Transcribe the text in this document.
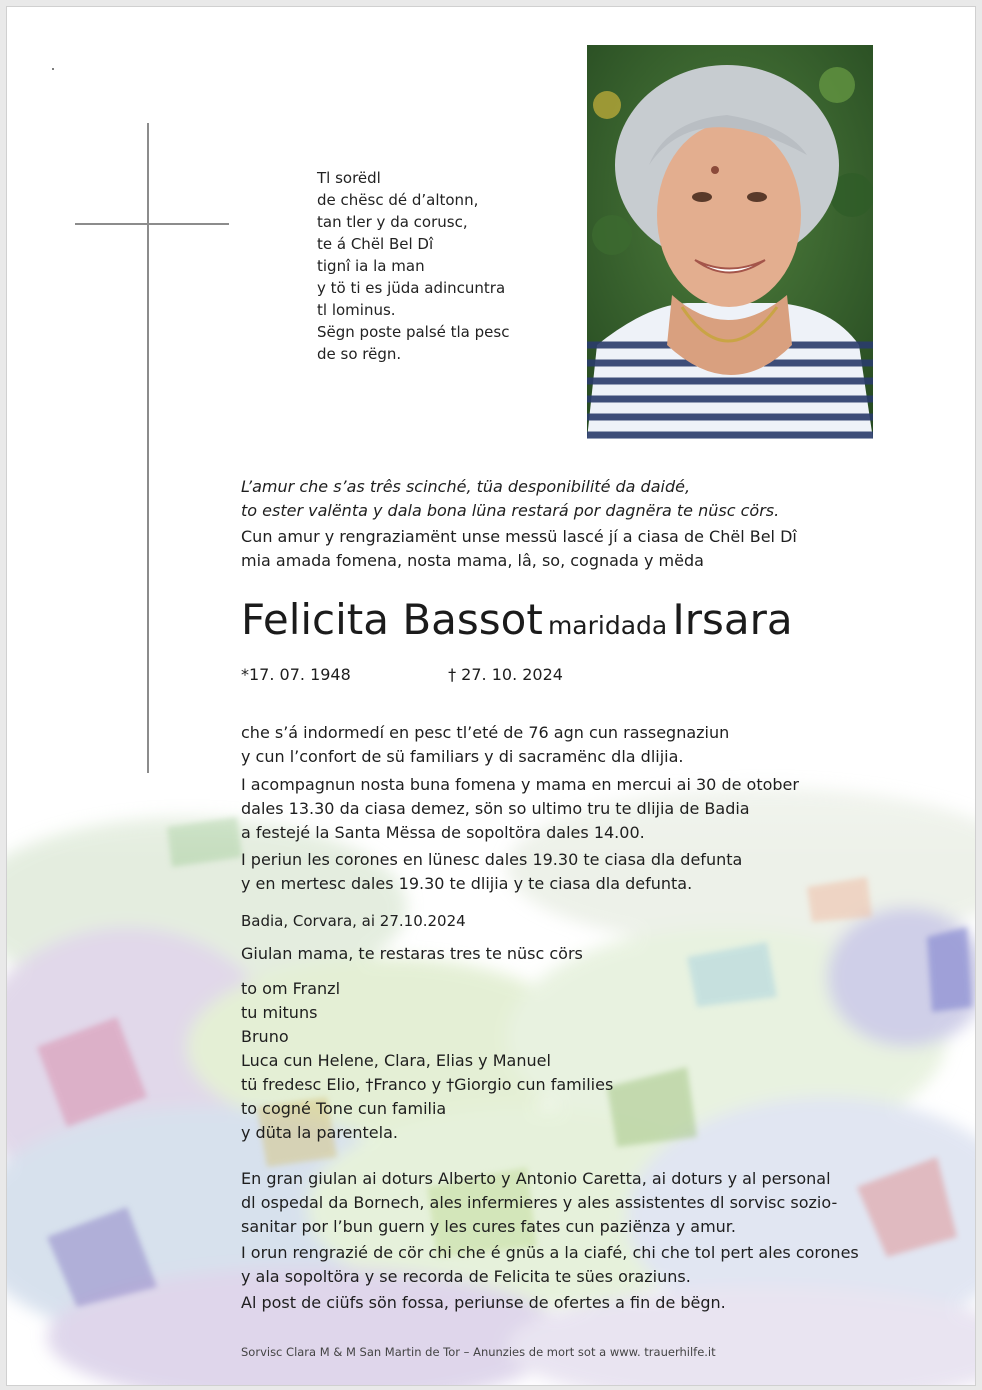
Tl sorëdl
de chësc dé d’altonn,
tan tler y da corusc,
te á Chël Bel Dî
tignî ia la man
y tö ti es jüda adincuntra
tl lominus.
Sëgn poste palsé tla pesc
de so rëgn.

L’amur che s’as três scinché, tüa desponibilité da daidé,

to ester valënta y dala bona lüna restará por dagnëra te nüsc cörs.

Cun amur y rengraziamënt unse messü lascé jí a ciasa de Chël Bel Dî

mia amada fomena, nosta mama, lâ, so, cognada y mëda

Felicita Bassot maridada Irsara
*17. 07. 1948	† 27. 10. 2024

che s’á indormedí en pesc tl’eté de 76 agn cun rassegnaziun

y cun l’confort de sü familiars y di sacramënc dla dlijia.

I acompagnun nosta buna fomena y mama en mercui ai 30 de otober

dales 13.30 da ciasa demez, sön so ultimo tru te dlijia de Badia

a festejé la Santa Mëssa de sopoltöra dales 14.00.

I periun les corones en lünesc dales 19.30 te ciasa dla defunta

y en mertesc dales 19.30 te dlijia y te ciasa dla defunta.

Badia, Corvara, ai 27.10.2024

Giulan mama, te restaras tres te nüsc cörs

to om Franzl

tu mituns

Bruno

Luca cun Helene, Clara, Elias y Manuel

tü fredesc Elio, †Franco y †Giorgio cun families

to cogné Tone cun familia

y düta la parentela.

En gran giulan ai doturs Alberto y Antonio Caretta, ai doturs y al personal

dl ospedal da Bornech, ales infermieres y ales assistentes dl sorvisc sozio-

sanitar por l’bun guern y les cures fates cun paziënza y amur.

I orun rengrazié de cör chi che é gnüs a la ciafé, chi che tol pert ales corones

y ala sopoltöra y se recorda de Felicita te sües oraziuns.

Al post de ciüfs sön fossa, periunse de ofertes a fin de bëgn.

Sorvisc Clara M & M San Martin de Tor – Anunzies de mort sot a www. trauerhilfe.it
